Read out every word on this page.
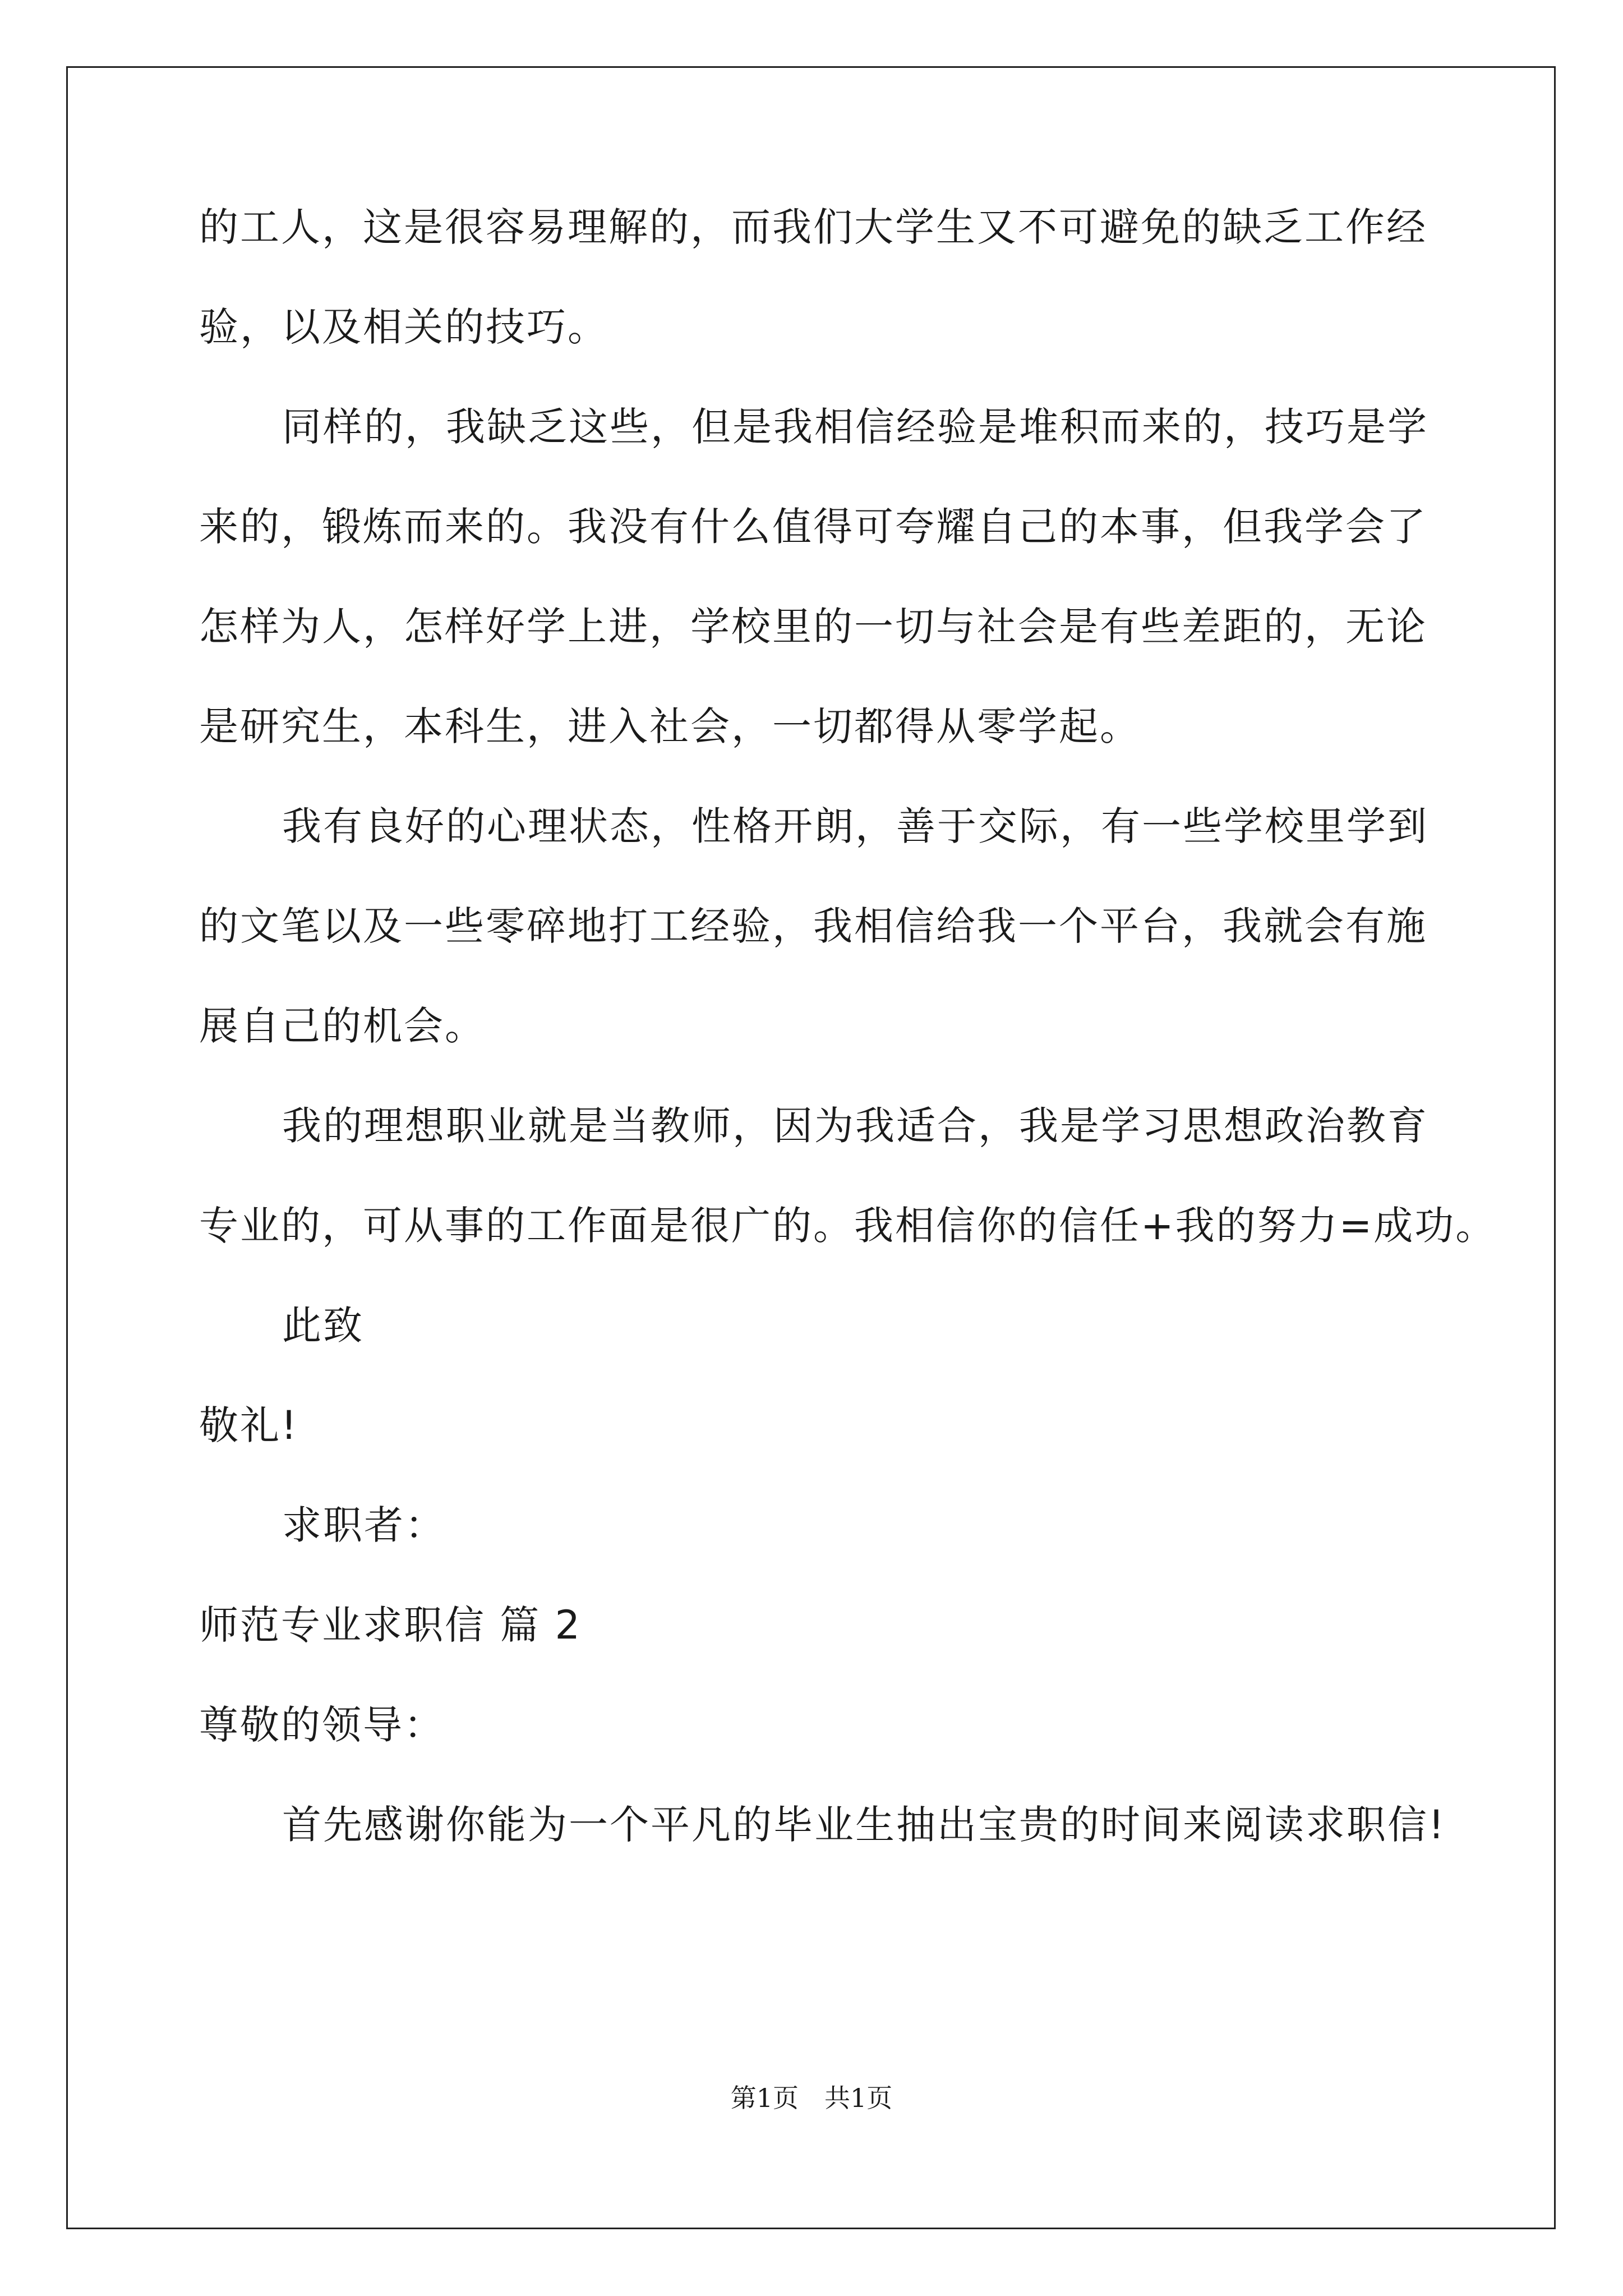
的工人，这是很容易理解的，而我们大学生又不可避免的缺乏工作经
验，以及相关的技巧。
同样的，我缺乏这些，但是我相信经验是堆积而来的，技巧是学
来的，锻炼而来的。我没有什么值得可夸耀自己的本事，但我学会了
怎样为人，怎样好学上进，学校里的一切与社会是有些差距的，无论
是研究生，本科生，进入社会，一切都得从零学起。
我有良好的心理状态，性格开朗，善于交际，有一些学校里学到
的文笔以及一些零碎地打工经验，我相信给我一个平台，我就会有施
展自己的机会。
我的理想职业就是当教师，因为我适合，我是学习思想政治教育
专业的，可从事的工作面是很广的。我相信你的信任+我的努力=成功。
此致
敬礼!
求职者：
师范专业求职信 篇 2
尊敬的领导：
首先感谢你能为一个平凡的毕业生抽出宝贵的时间来阅读求职信!
第1页　共1页
